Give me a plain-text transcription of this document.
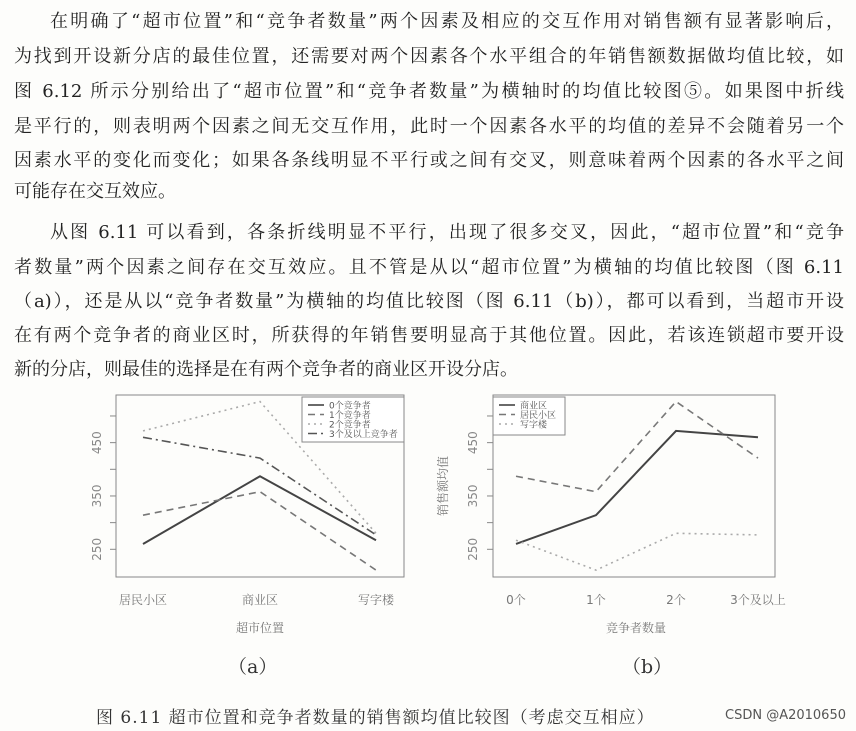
在明确了“超市位置”和“竞争者数量”两个因素及相应的交互作用对销售额有显著影响后，
为找到开设新分店的最佳位置，还需要对两个因素各个水平组合的年销售额数据做均值比较，如
图 6.12 所示分别给出了“超市位置”和“竞争者数量”为横轴时的均值比较图⑤。如果图中折线
是平行的，则表明两个因素之间无交互作用，此时一个因素各水平的均值的差异不会随着另一个
因素水平的变化而变化；如果各条线明显不平行或之间有交叉，则意味着两个因素的各水平之间
可能存在交互效应。
从图 6.11 可以看到，各条折线明显不平行，出现了很多交叉，因此，“超市位置”和“竞争
者数量”两个因素之间存在交互效应。且不管是从以“超市位置”为横轴的均值比较图（图 6.11
（a)），还是从以“竞争者数量”为横轴的均值比较图（图 6.11（b)），都可以看到，当超市开设
在有两个竞争者的商业区时，所获得的年销售要明显高于其他位置。因此，若该连锁超市要开设
新的分店，则最佳的选择是在有两个竞争者的商业区开设分店。
250
350
450
居民小区	商业区	写字楼
超市位置
0个竞争者
1个竞争者
2个竞争者
3个及以上竞争者
250
350
450
0个	1个	2个	3个及以上
竞争者数量
销售额均值
商业区
居民小区
写字楼
（a）	（b）
图 6.11 超市位置和竞争者数量的销售额均值比较图（考虑交互相应）	CSDN @A2010650
